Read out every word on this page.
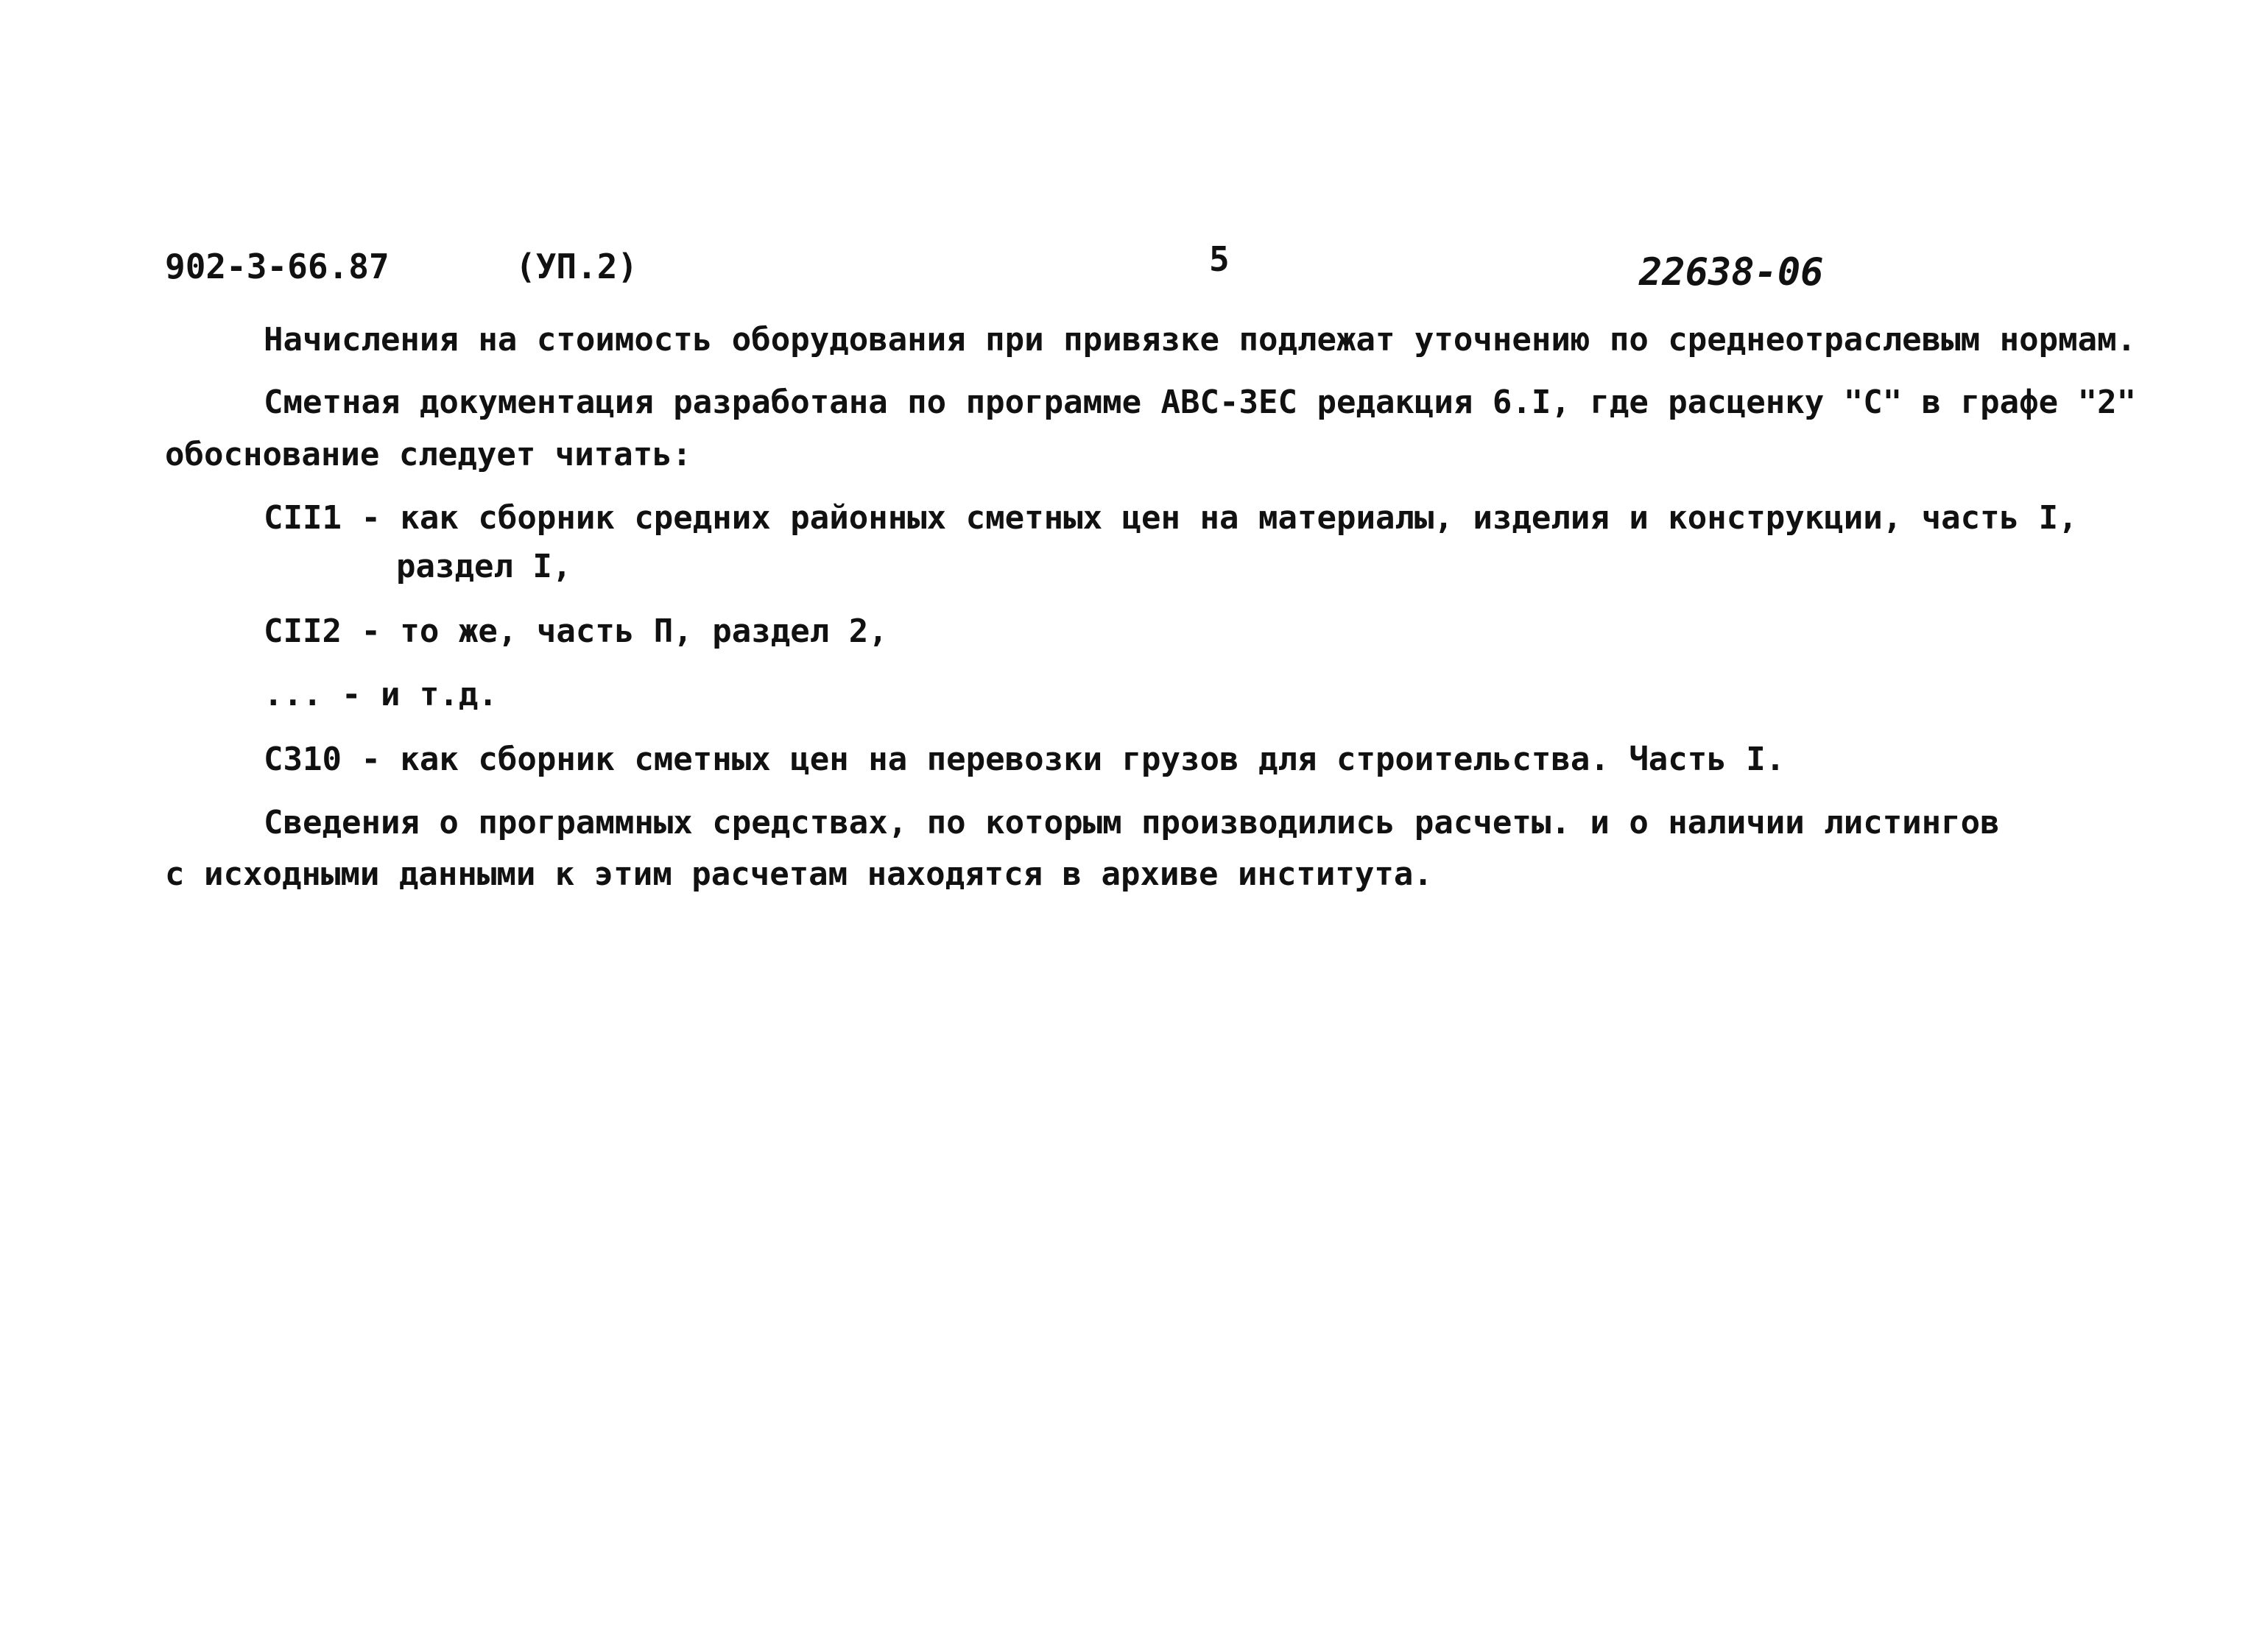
902-3-66.87	(УП.2)	5	22638-06
Начисления на стоимость оборудования при привязке подлежат уточнению по среднеотраслевым нормам.
Сметная документация разработана по программе АВС-ЗЕС редакция 6.I, где расценку "С" в графе "2"
обоснование следует читать:
СII1 - как сборник средних районных сметных цен на материалы, изделия и конструкции, часть I,
раздел I,
СII2 - то же, часть П, раздел 2,
... - и т.д.
С310 - как сборник сметных цен на перевозки грузов для строительства. Часть I.
Сведения о программных средствах, по которым производились расчеты. и о наличии листингов
с исходными данными к этим расчетам находятся в архиве института.
